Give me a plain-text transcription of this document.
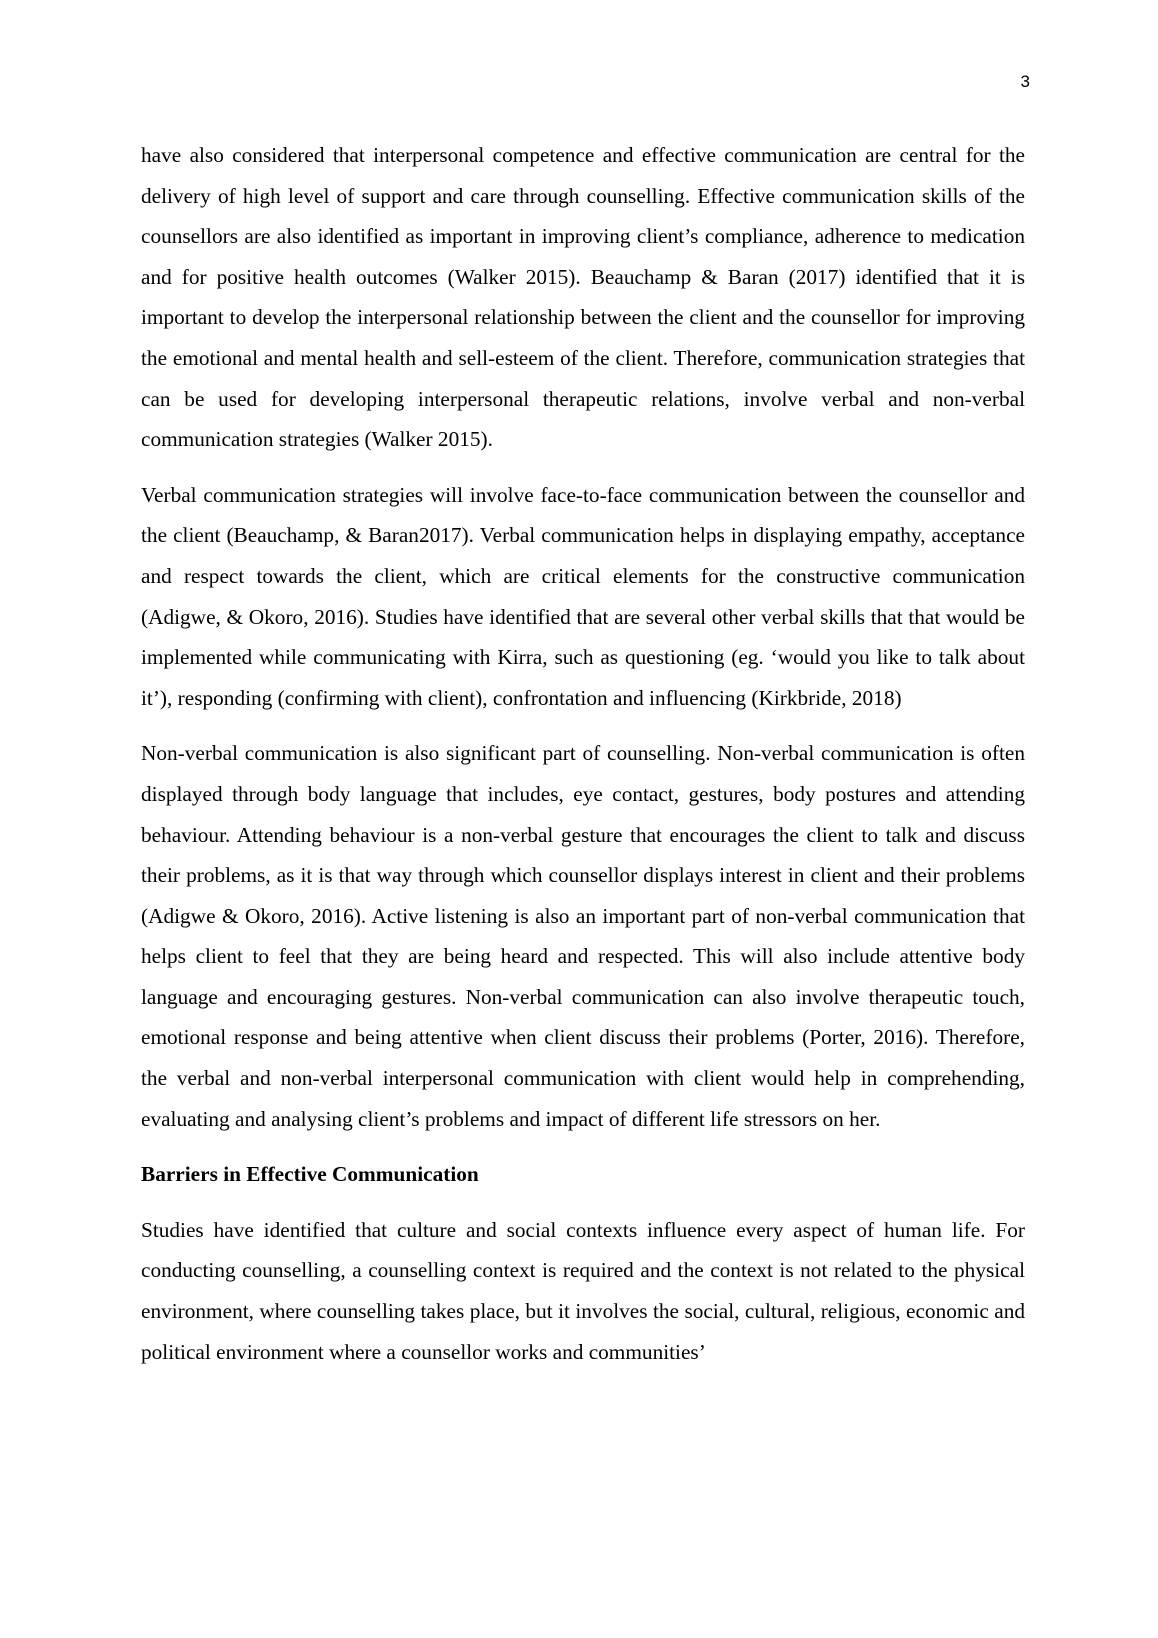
3

have also considered that interpersonal competence and effective communication are central for the delivery of high level of support and care through counselling. Effective communication skills of the counsellors are also identified as important in improving client’s compliance, adherence to medication and for positive health outcomes (Walker 2015). Beauchamp & Baran (2017) identified that it is important to develop the interpersonal relationship between the client and the counsellor for improving the emotional and mental health and sell-esteem of the client. Therefore, communication strategies that can be used for developing interpersonal therapeutic relations, involve verbal and non-verbal communication strategies (Walker 2015).

Verbal communication strategies will involve face-to-face communication between the counsellor and the client (Beauchamp, & Baran2017). Verbal communication helps in displaying empathy, acceptance and respect towards the client, which are critical elements for the constructive communication (Adigwe, & Okoro, 2016). Studies have identified that are several other verbal skills that that would be implemented while communicating with Kirra, such as questioning (eg. ‘would you like to talk about it’), responding (confirming with client), confrontation and influencing (Kirkbride, 2018)

Non-verbal communication is also significant part of counselling. Non-verbal communication is often displayed through body language that includes, eye contact, gestures, body postures and attending behaviour. Attending behaviour is a non-verbal gesture that encourages the client to talk and discuss their problems, as it is that way through which counsellor displays interest in client and their problems (Adigwe & Okoro, 2016). Active listening is also an important part of non-verbal communication that helps client to feel that they are being heard and respected. This will also include attentive body language and encouraging gestures. Non-verbal communication can also involve therapeutic touch, emotional response and being attentive when client discuss their problems (Porter, 2016). Therefore, the verbal and non-verbal interpersonal communication with client would help in comprehending, evaluating and analysing client’s problems and impact of different life stressors on her.

Barriers in Effective Communication

Studies have identified that culture and social contexts influence every aspect of human life. For conducting counselling, a counselling context is required and the context is not related to the physical environment, where counselling takes place, but it involves the social, cultural, religious, economic and political environment where a counsellor works and communities’
